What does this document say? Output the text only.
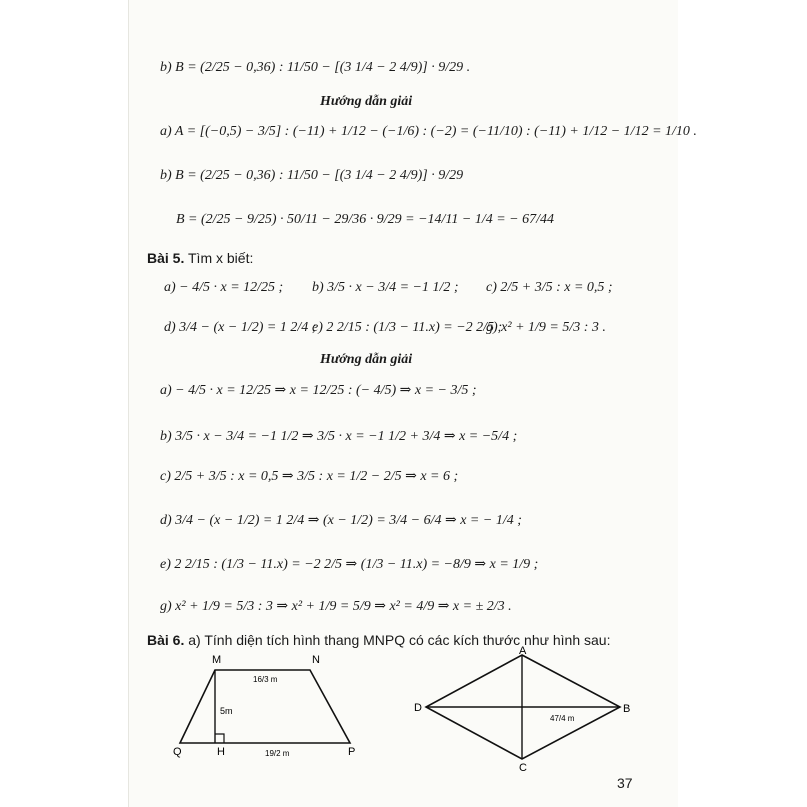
b) B = (2/25 − 0,36) : 11/50 − [(3 1/4 − 2 4/9)] · 9/29 .
Hướng dẫn giải
a) A = [(−0,5) − 3/5] : (−11) + 1/12 − (−1/6) : (−2) = (−11/10) : (−11) + 1/12 − 1/12 = 1/10 .
b) B = (2/25 − 0,36) : 11/50 − [(3 1/4 − 2 4/9)] · 9/29
B = (2/25 − 9/25) · 50/11 − 29/36 · 9/29 = −14/11 − 1/4 = − 67/44
Bài 5. Tìm x biết:
a) − 4/5 · x = 12/25 ; b) 3/5 · x − 3/4 = −1 1/2 ; c) 2/5 + 3/5 : x = 0,5 ;
d) 3/4 − (x − 1/2) = 1 2/4 ;
e) 2 2/15 : (1/3 − 11.x) = −2 2/5 ;
g) x² + 1/9 = 5/3 : 3 .
Hướng dẫn giải
a) − 4/5 · x = 12/25 ⇒ x = 12/25 : (− 4/5) ⇒ x = − 3/5 ;
b) 3/5 · x − 3/4 = −1 1/2 ⇒ 3/5 · x = −1 1/2 + 3/4 ⇒ x = −5/4 ;
c) 2/5 + 3/5 : x = 0,5 ⇒ 3/5 : x = 1/2 − 2/5 ⇒ x = 6 ;
d) 3/4 − (x − 1/2) = 1 2/4 ⇒ (x − 1/2) = 3/4 − 6/4 ⇒ x = − 1/4 ;
e) 2 2/15 : (1/3 − 11.x) = −2 2/5 ⇒ (1/3 − 11.x) = −8/9 ⇒ x = 1/9 ;
g) x² + 1/9 = 5/3 : 3 ⇒ x² + 1/9 = 5/9 ⇒ x² = 4/9 ⇒ x = ± 2/3 .
Bài 6. a) Tính diện tích hình thang MNPQ có các kích thước như hình sau:
M	N
P
Q	H
16/3 m
5m
19/2 m
A
B
C
D
47/4 m
37
